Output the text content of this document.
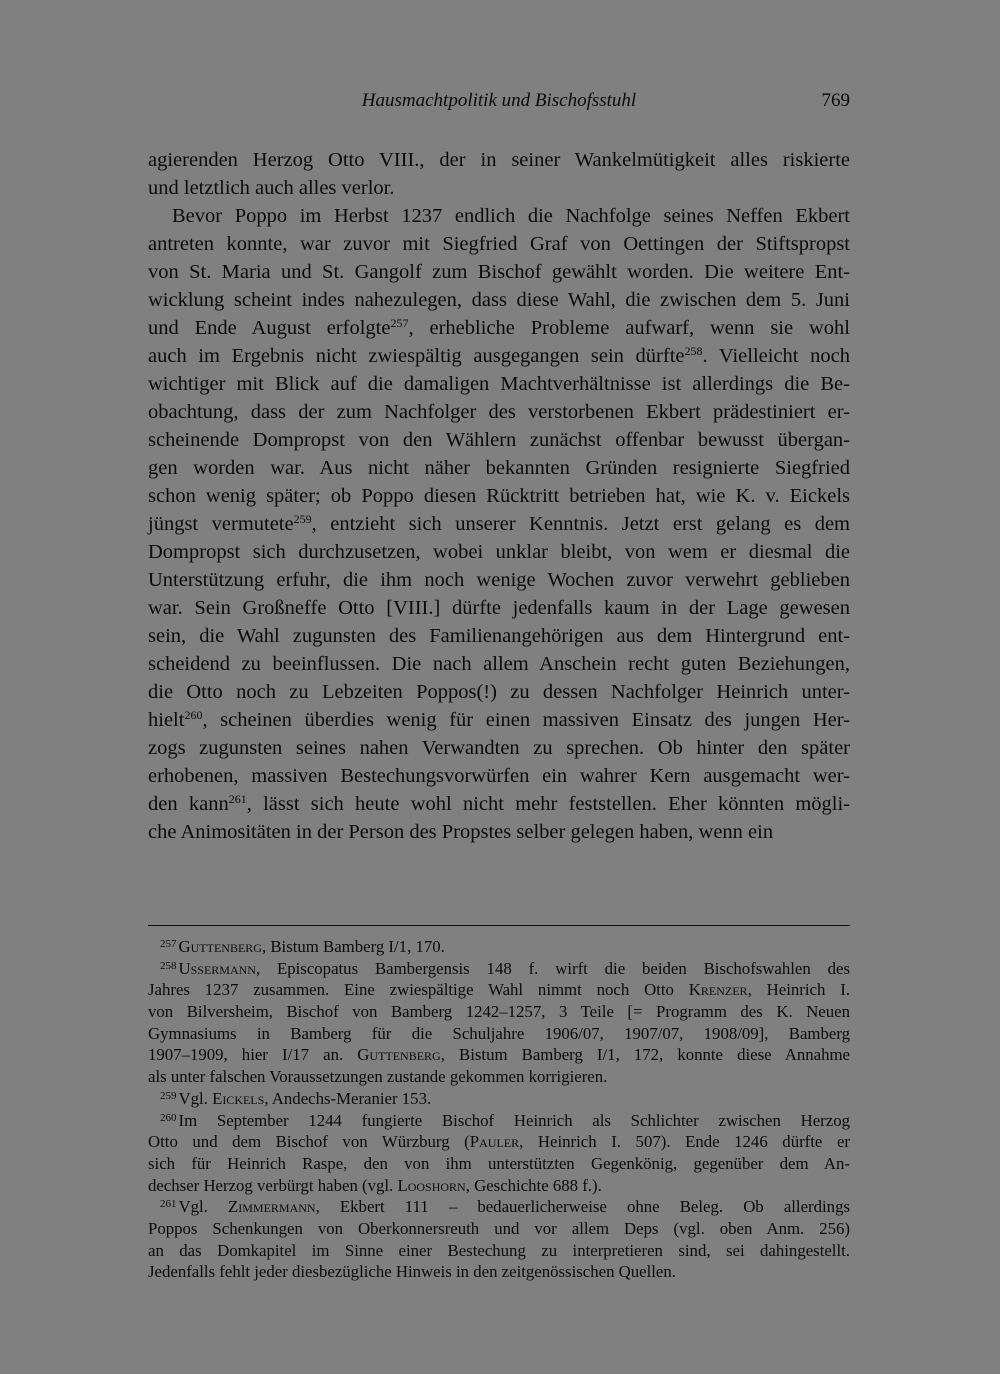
Hausmachtpolitik und Bischofsstuhl	769
agierenden Herzog Otto VIII., der in seiner Wankelmütigkeit alles riskierte
und letztlich auch alles verlor.
Bevor Poppo im Herbst 1237 endlich die Nachfolge seines Neffen Ekbert
antreten konnte, war zuvor mit Siegfried Graf von Oettingen der Stiftspropst
von St. Maria und St. Gangolf zum Bischof gewählt worden. Die weitere Ent-
wicklung scheint indes nahezulegen, dass diese Wahl, die zwischen dem 5. Juni
und Ende August erfolgte$^{257}$, erhebliche Probleme aufwarf, wenn sie wohl
auch im Ergebnis nicht zwiespältig ausgegangen sein dürfte$^{258}$. Vielleicht noch
wichtiger mit Blick auf die damaligen Machtverhältnisse ist allerdings die Be-
obachtung, dass der zum Nachfolger des verstorbenen Ekbert prädestiniert er-
scheinende Dompropst von den Wählern zunächst offenbar bewusst übergan-
gen worden war. Aus nicht näher bekannten Gründen resignierte Siegfried
schon wenig später; ob Poppo diesen Rücktritt betrieben hat, wie K. v. Eickels
jüngst vermutete$^{259}$, entzieht sich unserer Kenntnis. Jetzt erst gelang es dem
Dompropst sich durchzusetzen, wobei unklar bleibt, von wem er diesmal die
Unterstützung erfuhr, die ihm noch wenige Wochen zuvor verwehrt geblieben
war. Sein Großneffe Otto [VIII.] dürfte jedenfalls kaum in der Lage gewesen
sein, die Wahl zugunsten des Familienangehörigen aus dem Hintergrund ent-
scheidend zu beeinflussen. Die nach allem Anschein recht guten Beziehungen,
die Otto noch zu Lebzeiten Poppos(!) zu dessen Nachfolger Heinrich unter-
hielt$^{260}$, scheinen überdies wenig für einen massiven Einsatz des jungen Her-
zogs zugunsten seines nahen Verwandten zu sprechen. Ob hinter den später
erhobenen, massiven Bestechungsvorwürfen ein wahrer Kern ausgemacht wer-
den kann$^{261}$, lässt sich heute wohl nicht mehr feststellen. Eher könnten mögli-
che Animositäten in der Person des Propstes selber gelegen haben, wenn ein
$^{257}$ Guttenberg, Bistum Bamberg I/1, 170.
$^{258}$ Ussermann, Episcopatus Bambergensis 148 f. wirft die beiden Bischofswahlen des
Jahres 1237 zusammen. Eine zwiespältige Wahl nimmt noch Otto Krenzer, Heinrich I.
von Bilversheim, Bischof von Bamberg 1242–1257, 3 Teile [= Programm des K. Neuen
Gymnasiums in Bamberg für die Schuljahre 1906/07, 1907/07, 1908/09], Bamberg
1907–1909, hier I/17 an. Guttenberg, Bistum Bamberg I/1, 172, konnte diese Annahme
als unter falschen Voraussetzungen zustande gekommen korrigieren.
$^{259}$ Vgl. Eickels, Andechs-Meranier 153.
$^{260}$ Im September 1244 fungierte Bischof Heinrich als Schlichter zwischen Herzog
Otto und dem Bischof von Würzburg (Pauler, Heinrich I. 507). Ende 1246 dürfte er
sich für Heinrich Raspe, den von ihm unterstützten Gegenkönig, gegenüber dem An-
dechser Herzog verbürgt haben (vgl. Looshorn, Geschichte 688 f.).
$^{261}$ Vgl. Zimmermann, Ekbert 111 – bedauerlicherweise ohne Beleg. Ob allerdings
Poppos Schenkungen von Oberkonnersreuth und vor allem Deps (vgl. oben Anm. 256)
an das Domkapitel im Sinne einer Bestechung zu interpretieren sind, sei dahingestellt.
Jedenfalls fehlt jeder diesbezügliche Hinweis in den zeitgenössischen Quellen.
